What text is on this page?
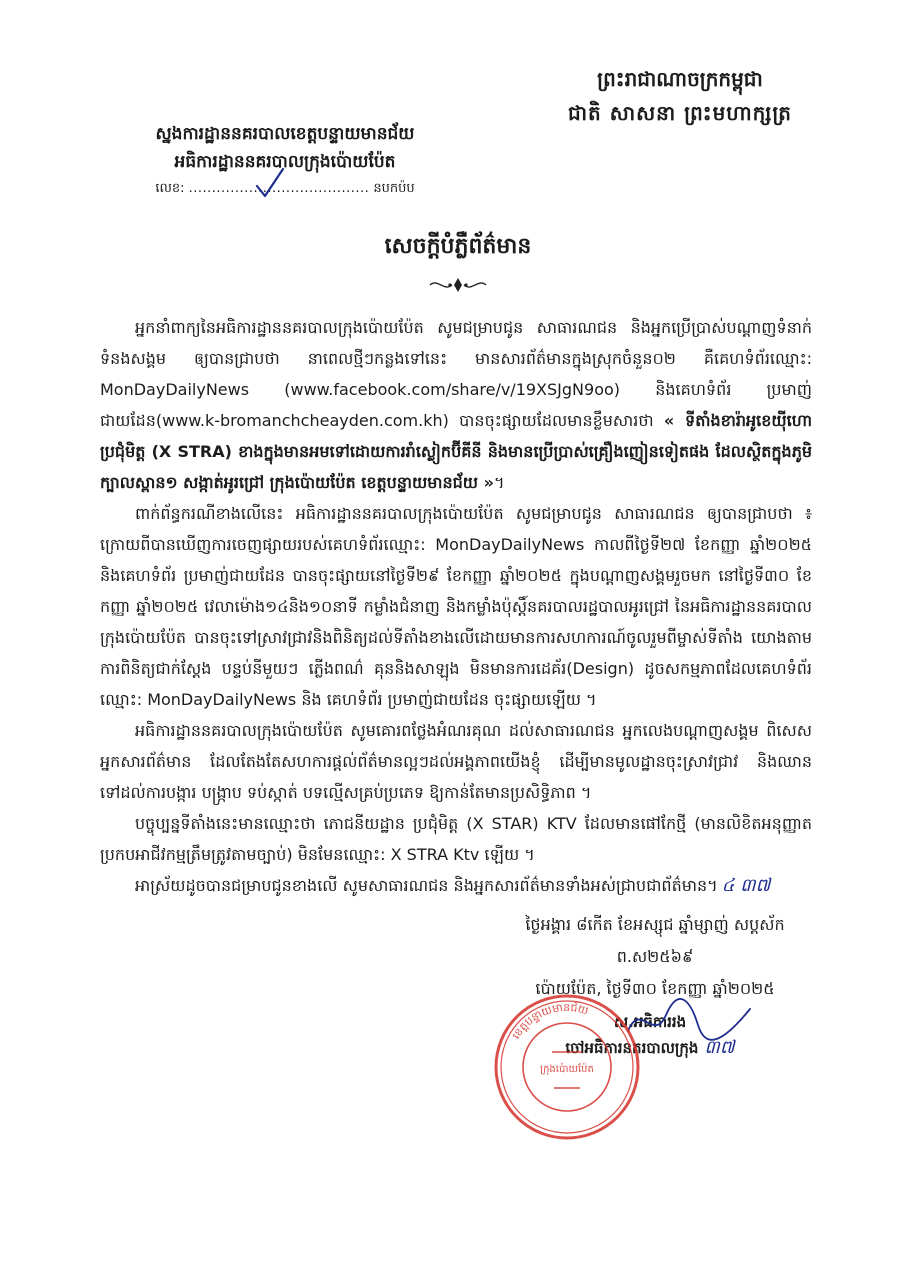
ព្រះរាជាណាចក្រកម្ពុជា
ជាតិ សាសនា ព្រះមហាក្សត្រ
ស្នងការដ្ឋាននគរបាលខេត្តបន្ទាយមានជ័យ
អធិការដ្ឋាននគរបាលក្រុងប៉ោយប៉ែត
លេខ: ....................................... នបកប៉ប
សេចក្តីបំភ្លឺព័ត៌មាន

អ្នកនាំពាក្យនៃអធិការដ្ឋាននគរបាលក្រុងប៉ោយប៉ែត សូមជម្រាបជូន សាធារណជន និងអ្នកប្រើប្រាស់បណ្តាញទំនាក់ទំនងសង្គម ឲ្យបានជ្រាបថា នាពេលថ្មីៗកន្លងទៅនេះ មានសារព័ត៌មានក្នុងស្រុកចំនួន០២ គឺគេហទំព័រឈ្មោះ: MonDayDailyNews (www.facebook.com/share/v/19XSJgN9oo) និងគេហទំព័រ ប្រមាញ់ជាយដែន(www.k-bromanchcheayden.com.kh) បានចុះផ្សាយដែលមានខ្លឹមសារថា « ទីតាំងខារ៉ាអូខេយ៉ីហោ ប្រជុំមិត្ត (X STRA) ខាងក្នុងមានអមទៅដោយការរាំស្លៀកប៊ីគីនី និងមានប្រើប្រាស់គ្រឿងញៀនទៀតផង ដែលស្ថិតក្នុងភូមិក្បាលស្ពាន១ សង្កាត់អូរជ្រៅ ក្រុងប៉ោយប៉ែត ខេត្តបន្ទាយមានជ័យ »។

ពាក់ព័ន្ធករណីខាងលើនេះ អធិការដ្ឋាននគរបាលក្រុងប៉ោយប៉ែត សូមជម្រាបជូន សាធារណជន ឲ្យបានជ្រាបថា ៖ ក្រោយពីបានឃើញការចេញផ្សាយរបស់គេហទំព័រឈ្មោះ: MonDayDailyNews កាលពីថ្ងៃទី២៧ ខែកញ្ញា ឆ្នាំ២០២៥ និងគេហទំព័រ ប្រមាញ់ជាយដែន បានចុះផ្សាយនៅថ្ងៃទី២៩ ខែកញ្ញា ឆ្នាំ២០២៥ ក្នុងបណ្តាញសង្គមរួចមក នៅថ្ងៃទី៣០ ខែកញ្ញា ឆ្នាំ២០២៥ វេលាម៉ោង១៤និង១០នាទី កម្លាំងជំនាញ និងកម្លាំងប៉ុស្តិ៍នគរបាលរដ្ឋបាលអូរជ្រៅ នៃអធិការដ្ឋាននគរបាលក្រុងប៉ោយប៉ែត បានចុះទៅស្រាវជ្រាវនិងពិនិត្យដល់ទីតាំងខាងលើដោយមានការសហការណ៍ចូលរួមពីម្ចាស់ទីតាំង យោងតាមការពិនិត្យជាក់ស្តែង បន្ទប់នីមួយៗ ភ្លើងពណ៌ គុននិងសាឡុង មិនមានការដេគ័រ(Design) ដូចសកម្មភាពដែលគេហទំព័រឈ្មោះ: MonDayDailyNews និង គេហទំព័រ ប្រមាញ់ជាយដែន ចុះផ្សាយឡើយ ។

អធិការដ្ឋាននគរបាលក្រុងប៉ោយប៉ែត សូមគោរពថ្លែងអំណរគុណ ដល់សាធារណជន អ្នកលេងបណ្តាញសង្គម ពិសេសអ្នកសារព័ត៌មាន ដែលតែងតែសហការផ្តល់ព័ត៌មានល្អៗដល់អង្គភាពយើងខ្ញុំ ដើម្បីមានមូលដ្ឋានចុះស្រាវជ្រាវ និងឈានទៅដល់ការបង្ការ បង្ក្រាប ទប់ស្កាត់ បទល្មើសគ្រប់ប្រភេទ ឱ្យកាន់តែមានប្រសិទ្ធិភាព ។

បច្ចុប្បន្នទីតាំងនេះមានឈ្មោះថា ភោជនីយដ្ឋាន ប្រជុំមិត្ត (X STAR) KTV ដែលមានផៅកែថ្មី (មានលិខិតអនុញ្ញាត ប្រកបអាជីវកម្មត្រឹមត្រូវតាមច្បាប់) មិនមែនឈ្មោះ: X STRA Ktv ឡើយ ។

អាស្រ័យដូចបានជម្រាបជូនខាងលើ សូមសាធារណជន និងអ្នកសារព័ត៌មានទាំងអស់ជ្រាបជាព័ត៌មាន។ ៤ ៣៧

ថ្ងៃអង្គារ ៨កើត ខែអស្សុជ ឆ្នាំម្សាញ់ សប្តស័ក ព.ស២៥៦៩
ប៉ោយប៉ែត, ថ្ងៃទី៣០ ខែកញ្ញា ឆ្នាំ២០២៥
ស.អធិការរង
ចៅអធិការនគរបាលក្រុង ៣៧
ខេត្តបន្ទាយមានជ័យ
ក្រុងប៉ោយប៉ែត
